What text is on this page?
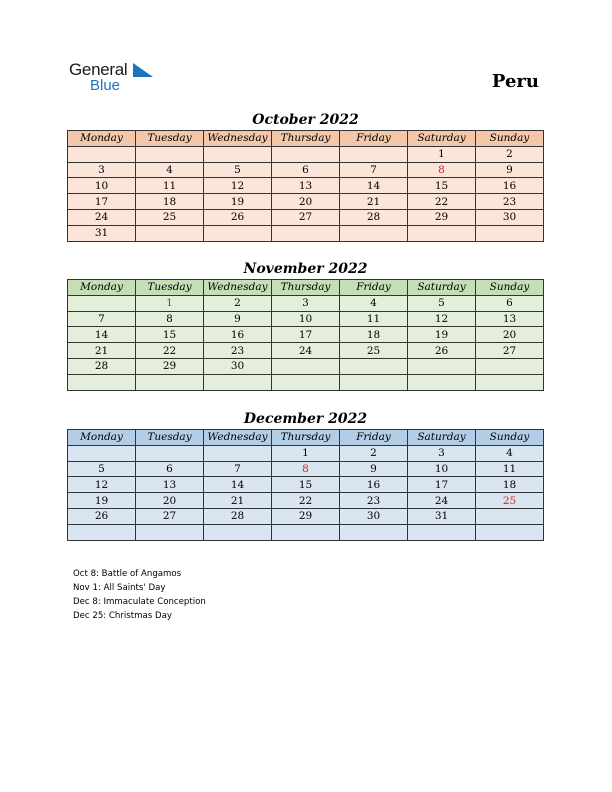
General
Blue	Peru
October 2022
Monday	Tuesday	Wednesday	Thursday	Friday	Saturday	Sunday
					1	2
3	4	5	6	7	8	9
10	11	12	13	14	15	16
17	18	19	20	21	22	23
24	25	26	27	28	29	30
31						
November 2022
Monday	Tuesday	Wednesday	Thursday	Friday	Saturday	Sunday
	1	2	3	4	5	6
7	8	9	10	11	12	13
14	15	16	17	18	19	20
21	22	23	24	25	26	27
28	29	30				

December 2022
Monday	Tuesday	Wednesday	Thursday	Friday	Saturday	Sunday
			1	2	3	4
5	6	7	8	9	10	11
12	13	14	15	16	17	18
19	20	21	22	23	24	25
26	27	28	29	30	31	

Oct 8: Battle of Angamos
Nov 1: All Saints' Day
Dec 8: Immaculate Conception
Dec 25: Christmas Day
